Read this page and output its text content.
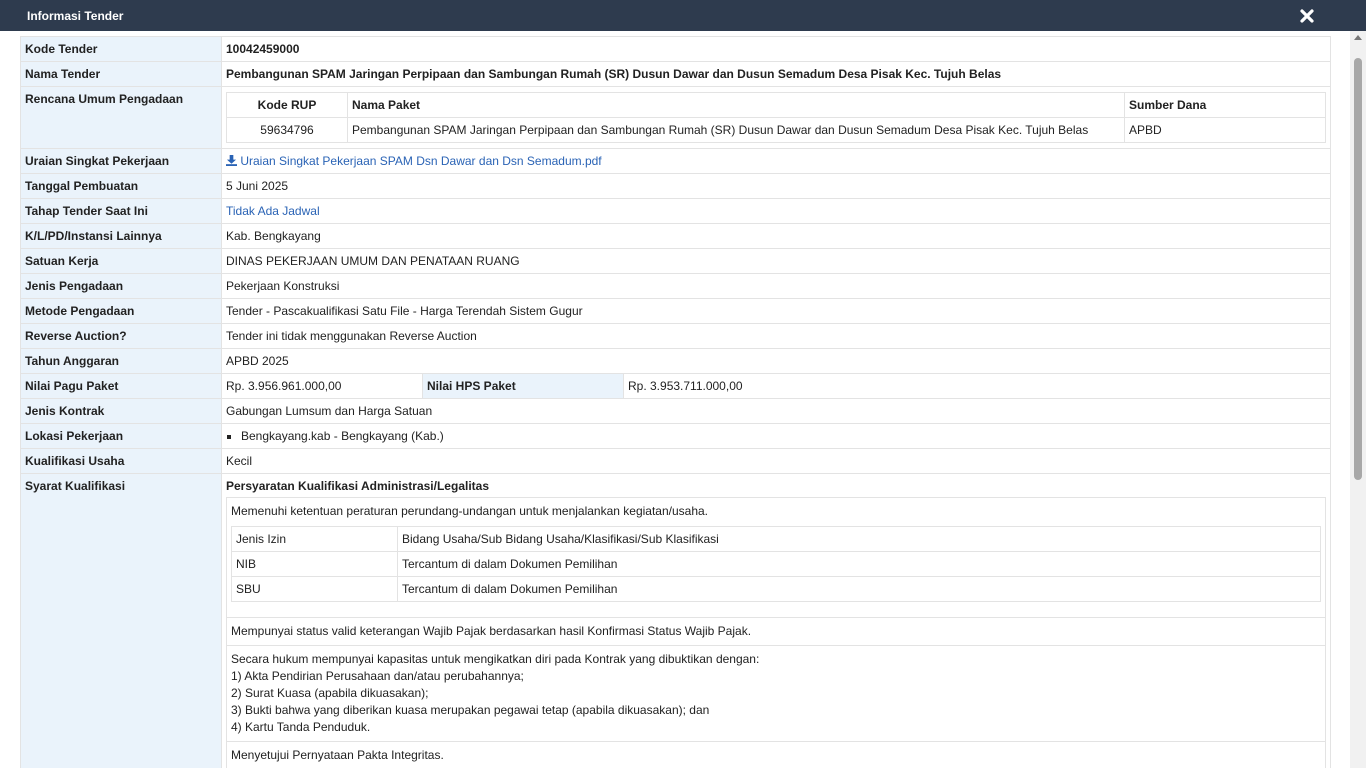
Informasi Tender
Kode Tender	10042459000
Nama Tender	Pembangunan SPAM Jaringan Perpipaan dan Sambungan Rumah (SR) Dusun Dawar dan Dusun Semadum Desa Pisak Kec. Tujuh Belas
Rencana Umum Pengadaan		Kode RUP	Nama Paket	Sumber Dana
59634796	Pembangunan SPAM Jaringan Perpipaan dan Sambungan Rumah (SR) Dusun Dawar dan Dusun Semadum Desa Pisak Kec. Tujuh Belas	APBD

Uraian Singkat Pekerjaan	Uraian Singkat Pekerjaan SPAM Dsn Dawar dan Dsn Semadum.pdf
Tanggal Pembuatan	5 Juni 2025
Tahap Tender Saat Ini	Tidak Ada Jadwal
K/L/PD/Instansi Lainnya	Kab. Bengkayang
Satuan Kerja	DINAS PEKERJAAN UMUM DAN PENATAAN RUANG
Jenis Pengadaan	Pekerjaan Konstruksi
Metode Pengadaan	Tender - Pascakualifikasi Satu File - Harga Terendah Sistem Gugur
Reverse Auction?	Tender ini tidak menggunakan Reverse Auction
Tahun Anggaran	APBD 2025
Nilai Pagu Paket	Rp. 3.956.961.000,00	Nilai HPS Paket	Rp. 3.953.711.000,00

Jenis Kontrak	Gabungan Lumsum dan Harga Satuan
Lokasi Pekerjaan	
▪Bengkayang.kab - Bengkayang (Kab.)

Kualifikasi Usaha	Kecil
Syarat Kualifikasi	Persyaratan Kualifikasi Administrasi/Legalitas
Memenuhi ketentuan peraturan perundang-undangan untuk menjalankan kegiatan/usaha.
Jenis Izin	Bidang Usaha/Sub Bidang Usaha/Klasifikasi/Sub Klasifikasi
NIB	Tercantum di dalam Dokumen Pemilihan
SBU	Tercantum di dalam Dokumen Pemilihan
Mempunyai status valid keterangan Wajib Pajak berdasarkan hasil Konfirmasi Status Wajib Pajak.
Secara hukum mempunyai kapasitas untuk mengikatkan diri pada Kontrak yang dibuktikan dengan:
1) Akta Pendirian Perusahaan dan/atau perubahannya;
2) Surat Kuasa (apabila dikuasakan);
3) Bukti bahwa yang diberikan kuasa merupakan pegawai tetap (apabila dikuasakan); dan
4) Kartu Tanda Penduduk.
Menyetujui Pernyataan Pakta Integritas.
